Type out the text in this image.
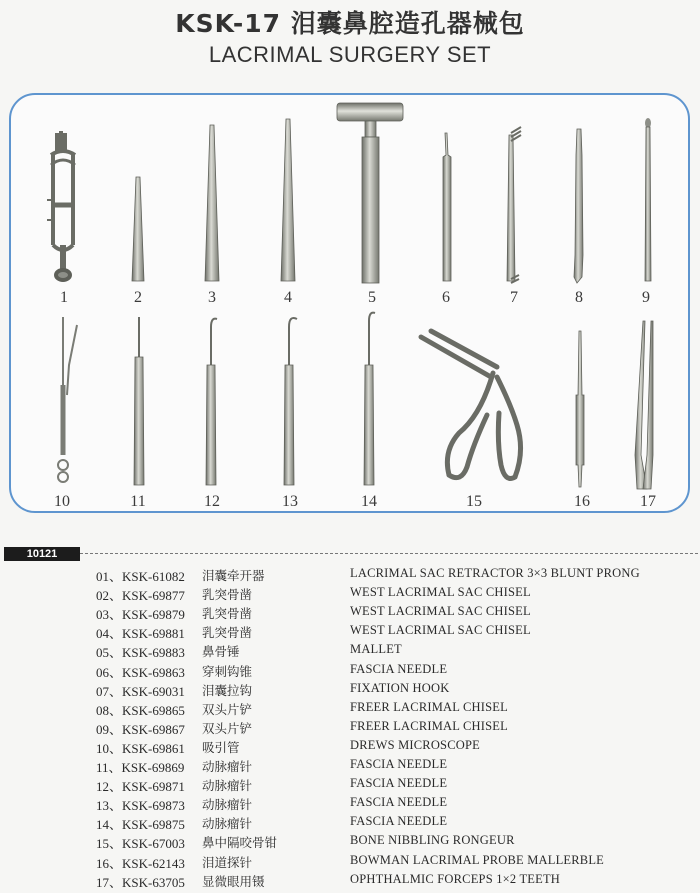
KSK-17 泪囊鼻腔造孔器械包
LACRIMAL SURGERY SET
1	2	3	4	5	6	7	8	9
10	11	12	13	14	15	16	17
10121
01、KSK-61082 泪囊牵开器	LACRIMAL SAC RETRACTOR 3×3 BLUNT PRONG
02、KSK-69877 乳突骨凿	WEST LACRIMAL SAC CHISEL
03、KSK-69879 乳突骨凿	WEST LACRIMAL SAC CHISEL
04、KSK-69881 乳突骨凿	WEST LACRIMAL SAC CHISEL
05、KSK-69883 鼻骨锤	MALLET
06、KSK-69863 穿刺钩锥	FASCIA NEEDLE
07、KSK-69031 泪囊拉钩	FIXATION HOOK
08、KSK-69865 双头片铲	FREER LACRIMAL CHISEL
09、KSK-69867 双头片铲	FREER LACRIMAL CHISEL
10、KSK-69861 吸引管	DREWS MICROSCOPE
11、KSK-69869 动脉瘤针	FASCIA NEEDLE
12、KSK-69871 动脉瘤针	FASCIA NEEDLE
13、KSK-69873 动脉瘤针	FASCIA NEEDLE
14、KSK-69875 动脉瘤针	FASCIA NEEDLE
15、KSK-67003 鼻中隔咬骨钳	BONE NIBBLING RONGEUR
16、KSK-62143 泪道探针	BOWMAN LACRIMAL PROBE MALLERBLE
17、KSK-63705 显微眼用镊	OPHTHALMIC FORCEPS 1×2 TEETH
